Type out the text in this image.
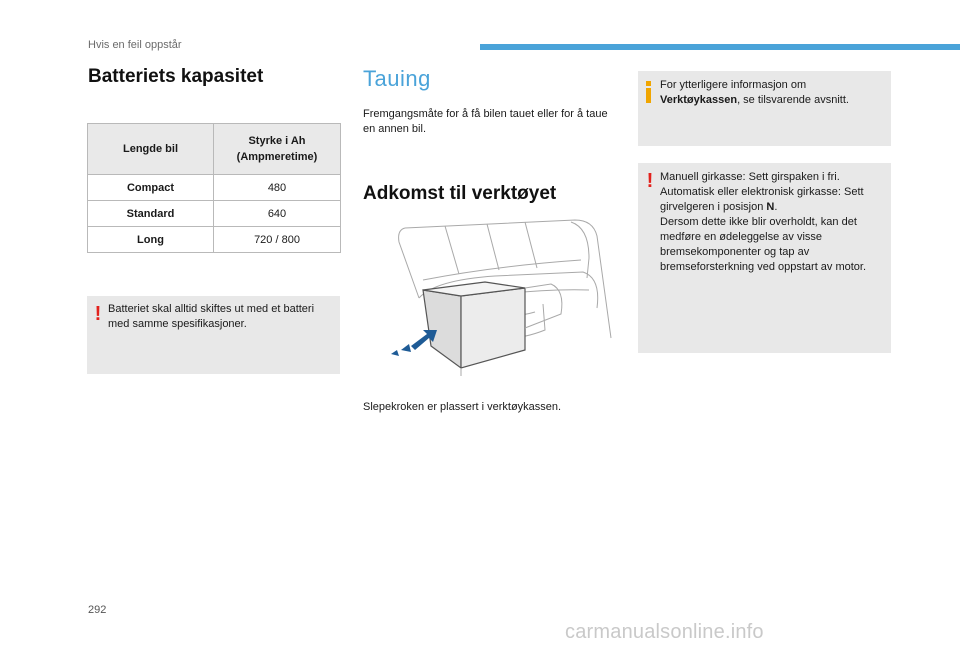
Hvis en feil oppstår
Batteriets kapasitet
Lengde bil	Styrke i Ah
(Ampmeretime)
Compact	480
Standard	640
Long	720 / 800
! Batteriet skal alltid skiftes ut med et batteri med samme spesifikasjoner.
Tauing
Fremgangsmåte for å få bilen tauet eller for å taue en annen bil.
Adkomst til verktøyet
Slepekroken er plassert i verktøykassen.
For ytterligere informasjon om Verktøykassen, se tilsvarende avsnitt.
! Manuell girkasse: Sett girspaken i fri.
Automatisk eller elektronisk girkasse: Sett girvelgeren i posisjon N.
Dersom dette ikke blir overholdt, kan det medføre en ødeleggelse av visse bremsekomponenter og tap av bremseforsterkning ved oppstart av motor.
292
carmanualsonline.info
